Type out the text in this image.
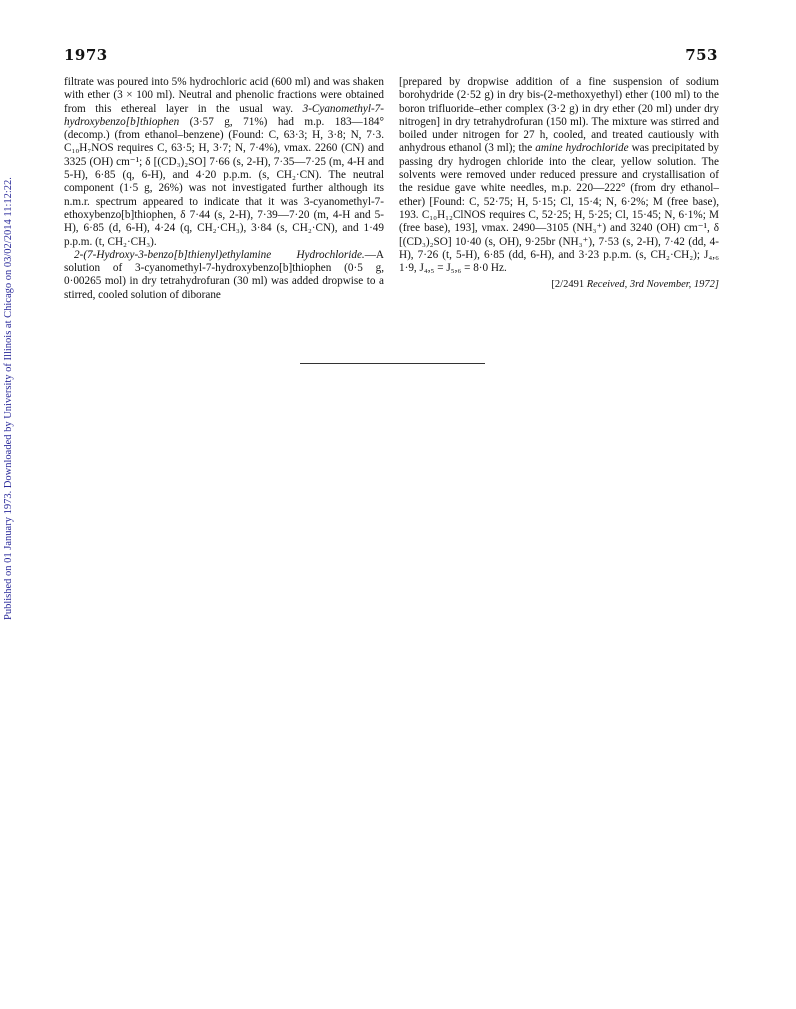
1973	753
Published on 01 January 1973. Downloaded by University of Illinois at Chicago on 03/02/2014 11:12:22.

filtrate was poured into 5% hydrochloric acid (600 ml) and was shaken with ether (3 × 100 ml). Neutral and phenolic fractions were obtained from this ethereal layer in the usual way. 3-Cyanomethyl-7-hydroxybenzo[b]thiophen (3·57 g, 71%) had m.p. 183—184° (decomp.) (from ethanol–benzene) (Found: C, 63·3; H, 3·8; N, 7·3. C₁₀H₇NOS requires C, 63·5; H, 3·7; N, 7·4%), νmax. 2260 (CN) and 3325 (OH) cm⁻¹; δ [(CD₃)₂SO] 7·66 (s, 2-H), 7·35—7·25 (m, 4-H and 5-H), 6·85 (q, 6-H), and 4·20 p.p.m. (s, CH₂·CN). The neutral component (1·5 g, 26%) was not investigated further although its n.m.r. spectrum appeared to indicate that it was 3-cyanomethyl-7-ethoxybenzo[b]thiophen, δ 7·44 (s, 2-H), 7·39—7·20 (m, 4-H and 5-H), 6·85 (d, 6-H), 4·24 (q, CH₂·CH₃), 3·84 (s, CH₂·CN), and 1·49 p.p.m. (t, CH₂·CH₃).

2-(7-Hydroxy-3-benzo[b]thienyl)ethylamine Hydrochloride.—A solution of 3-cyanomethyl-7-hydroxybenzo[b]thiophen (0·5 g, 0·00265 mol) in dry tetrahydrofuran (30 ml) was added dropwise to a stirred, cooled solution of diborane

[prepared by dropwise addition of a fine suspension of sodium borohydride (2·52 g) in dry bis-(2-methoxyethyl) ether (100 ml) to the boron trifluoride–ether complex (3·2 g) in dry ether (20 ml) under dry nitrogen] in dry tetrahydrofuran (150 ml). The mixture was stirred and boiled under nitrogen for 27 h, cooled, and treated cautiously with anhydrous ethanol (3 ml); the amine hydrochloride was precipitated by passing dry hydrogen chloride into the clear, yellow solution. The solvents were removed under reduced pressure and crystallisation of the residue gave white needles, m.p. 220—222° (from dry ethanol–ether) [Found: C, 52·75; H, 5·15; Cl, 15·4; N, 6·2%; M (free base), 193. C₁₀H₁₂ClNOS requires C, 52·25; H, 5·25; Cl, 15·45; N, 6·1%; M (free base), 193], νmax. 2490—3105 (NH₃⁺) and 3240 (OH) cm⁻¹, δ [(CD₃)₂SO] 10·40 (s, OH), 9·25br (NH₃⁺), 7·53 (s, 2-H), 7·42 (dd, 4-H), 7·26 (t, 5-H), 6·85 (dd, 6-H), and 3·23 p.p.m. (s, CH₂·CH₂); J₄,₆ 1·9, J₄,₅ = J₅,₆ = 8·0 Hz.

[2/2491 Received, 3rd November, 1972]
